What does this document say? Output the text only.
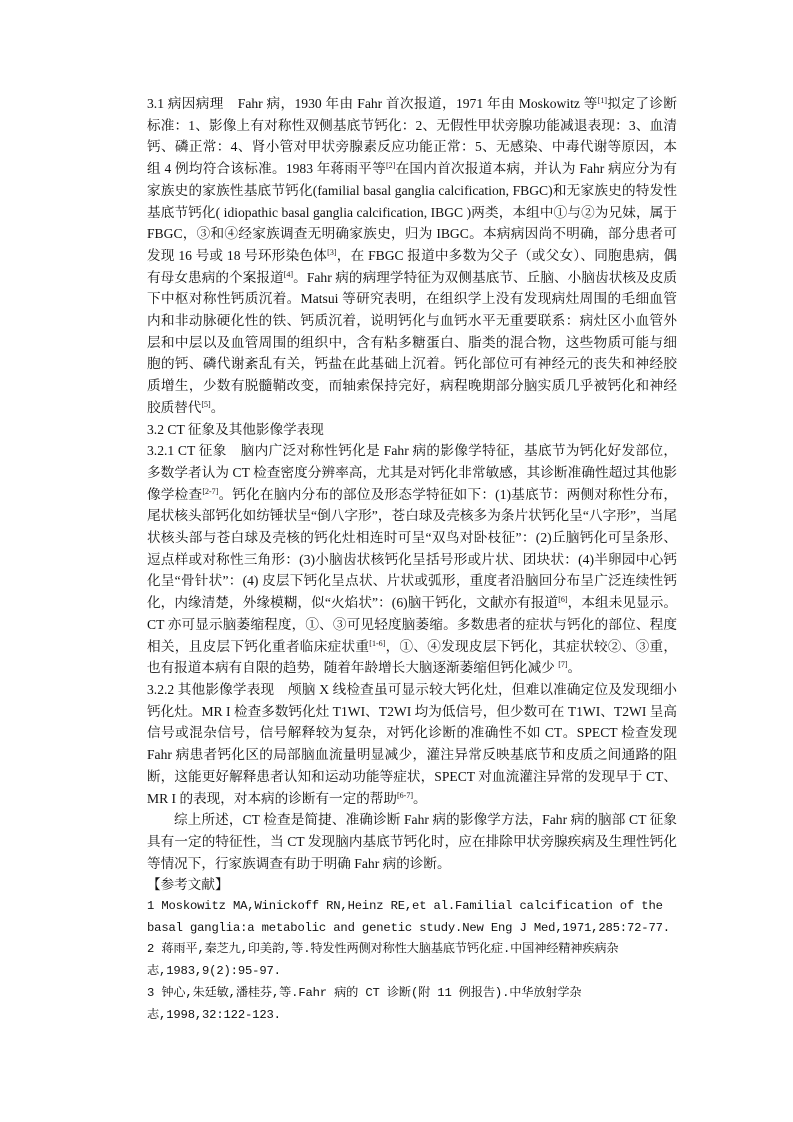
3.1 病因病理　Fahr 病，1930 年由 Fahr 首次报道，1971 年由 Moskowitz 等[1]拟定了诊断标准：1、影像上有对称性双侧基底节钙化：2、无假性甲状旁腺功能减退表现：3、血清钙、磷正常：4、肾小管对甲状旁腺素反应功能正常：5、无感染、中毒代谢等原因，本组 4 例均符合该标准。1983 年蒋雨平等[2]在国内首次报道本病，并认为 Fahr 病应分为有家族史的家族性基底节钙化(familial basal ganglia calcification, FBGC)和无家族史的特发性基底节钙化( idiopathic basal ganglia calcification, IBGC )两类，本组中①与②为兄妹，属于 FBGC，③和④经家族调查无明确家族史，归为 IBGC。本病病因尚不明确，部分患者可发现 16 号或 18 号环形染色体[3]，在 FBGC 报道中多数为父子（或父女）、同胞患病，偶有母女患病的个案报道[4]。Fahr 病的病理学特征为双侧基底节、丘脑、小脑齿状核及皮质下中枢对称性钙质沉着。Matsui 等研究表明，在组织学上没有发现病灶周围的毛细血管内和非动脉硬化性的铁、钙质沉着，说明钙化与血钙水平无重要联系：病灶区小血管外层和中层以及血管周围的组织中，含有粘多糖蛋白、脂类的混合物，这些物质可能与细胞的钙、磷代谢紊乱有关，钙盐在此基础上沉着。钙化部位可有神经元的丧失和神经胶质增生，少数有脱髓鞘改变，而轴索保持完好，病程晚期部分脑实质几乎被钙化和神经胶质替代[5]。

3.2 CT 征象及其他影像学表现

3.2.1 CT 征象　脑内广泛对称性钙化是 Fahr 病的影像学特征，基底节为钙化好发部位，多数学者认为 CT 检查密度分辨率高，尤其是对钙化非常敏感，其诊断准确性超过其他影像学检查[2-7]。钙化在脑内分布的部位及形态学特征如下：(1)基底节：两侧对称性分布，尾状核头部钙化如纺锤状呈“倒八字形”，苍白球及壳核多为条片状钙化呈“八字形”，当尾状核头部与苍白球及壳核的钙化灶相连时可呈“双鸟对卧枝征”：(2)丘脑钙化可呈条形、逗点样或对称性三角形：(3)小脑齿状核钙化呈括号形或片状、团块状：(4)半卵园中心钙化呈“骨针状”：(4) 皮层下钙化呈点状、片状或弧形，重度者沿脑回分布呈广泛连续性钙化，内缘清楚，外缘模糊，似“火焰状”：(6)脑干钙化，文献亦有报道[6]，本组未见显示。CT 亦可显示脑萎缩程度，①、③可见轻度脑萎缩。多数患者的症状与钙化的部位、程度相关，且皮层下钙化重者临床症状重[1-6]，①、④发现皮层下钙化，其症状较②、③重，也有报道本病有自限的趋势，随着年龄增长大脑逐渐萎缩但钙化减少 [7]。

3.2.2 其他影像学表现　颅脑 X 线检查虽可显示较大钙化灶，但难以准确定位及发现细小钙化灶。MR I 检查多数钙化灶 T1WI、T2WI 均为低信号，但少数可在 T1WI、T2WI 呈高信号或混杂信号，信号解释较为复杂，对钙化诊断的准确性不如 CT。SPECT 检查发现 Fahr 病患者钙化区的局部脑血流量明显减少，灌注异常反映基底节和皮质之间通路的阻断，这能更好解释患者认知和运动功能等症状，SPECT 对血流灌注异常的发现早于 CT、MR I 的表现，对本病的诊断有一定的帮助[6-7]。

综上所述，CT 检查是简捷、准确诊断 Fahr 病的影像学方法，Fahr 病的脑部 CT 征象具有一定的特征性，当 CT 发现脑内基底节钙化时，应在排除甲状旁腺疾病及生理性钙化等情况下，行家族调查有助于明确 Fahr 病的诊断。

【参考文献】

1 Moskowitz MA,Winickoff RN,Heinz RE,et al.Familial calcification of the basal ganglia:a metabolic and genetic study.New Eng J Med,1971,285:72-77.

2 蒋雨平,秦芝九,印美韵,等.特发性两侧对称性大脑基底节钙化症.中国神经精神疾病杂志,1983,9(2):95-97.

3 钟心,朱廷敏,潘桂芬,等.Fahr 病的 CT 诊断(附 11 例报告).中华放射学杂志,1998,32:122-123.
